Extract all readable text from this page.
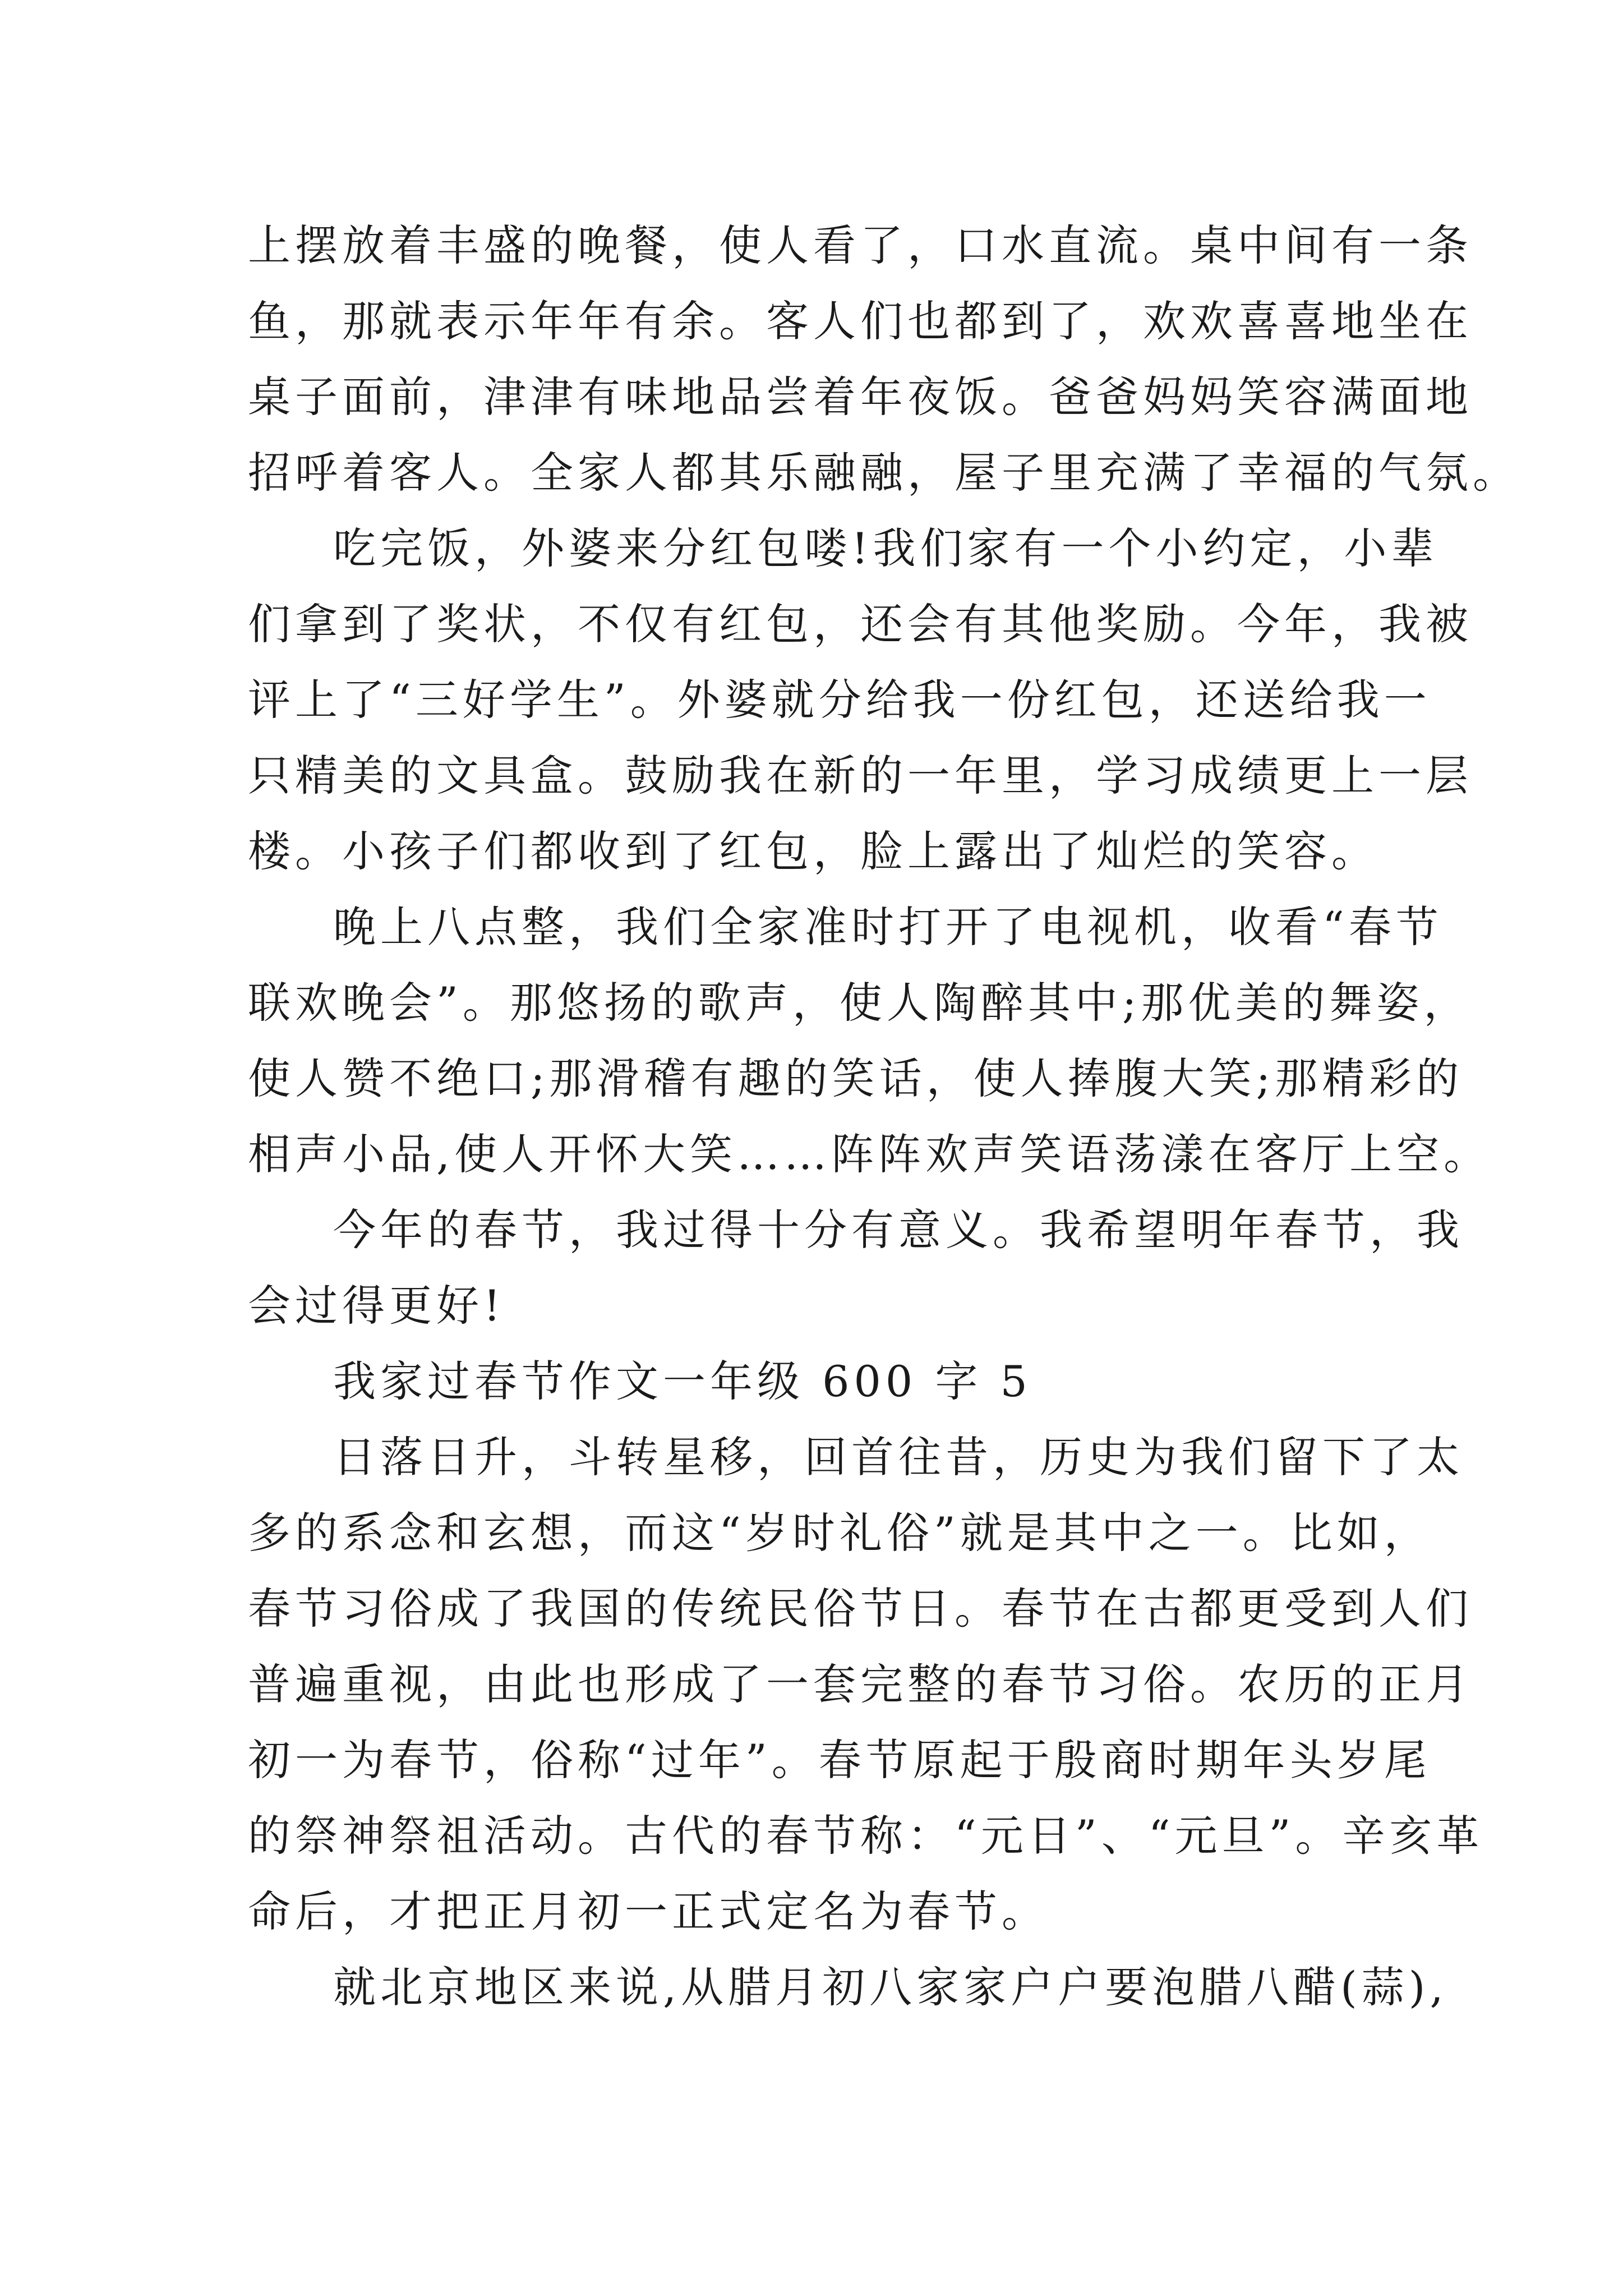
上摆放着丰盛的晚餐，使人看了，口水直流。桌中间有一条
鱼，那就表示年年有余。客人们也都到了，欢欢喜喜地坐在
桌子面前，津津有味地品尝着年夜饭。爸爸妈妈笑容满面地
招呼着客人。全家人都其乐融融，屋子里充满了幸福的气氛。
吃完饭，外婆来分红包喽!我们家有一个小约定，小辈
们拿到了奖状，不仅有红包，还会有其他奖励。今年，我被
评上了“三好学生”。外婆就分给我一份红包，还送给我一
只精美的文具盒。鼓励我在新的一年里，学习成绩更上一层
楼。小孩子们都收到了红包，脸上露出了灿烂的笑容。
晚上八点整，我们全家准时打开了电视机，收看“春节
联欢晚会”。那悠扬的歌声，使人陶醉其中;那优美的舞姿，
使人赞不绝口;那滑稽有趣的笑话，使人捧腹大笑;那精彩的
相声小品,使人开怀大笑……阵阵欢声笑语荡漾在客厅上空。
今年的春节，我过得十分有意义。我希望明年春节，我
会过得更好!
我家过春节作文一年级 600 字 5
日落日升，斗转星移，回首往昔，历史为我们留下了太
多的系念和玄想，而这“岁时礼俗”就是其中之一。比如，
春节习俗成了我国的传统民俗节日。春节在古都更受到人们
普遍重视，由此也形成了一套完整的春节习俗。农历的正月
初一为春节，俗称“过年”。春节原起于殷商时期年头岁尾
的祭神祭祖活动。古代的春节称：“元日”、“元旦”。辛亥革
命后，才把正月初一正式定名为春节。
就北京地区来说,从腊月初八家家户户要泡腊八醋(蒜),
